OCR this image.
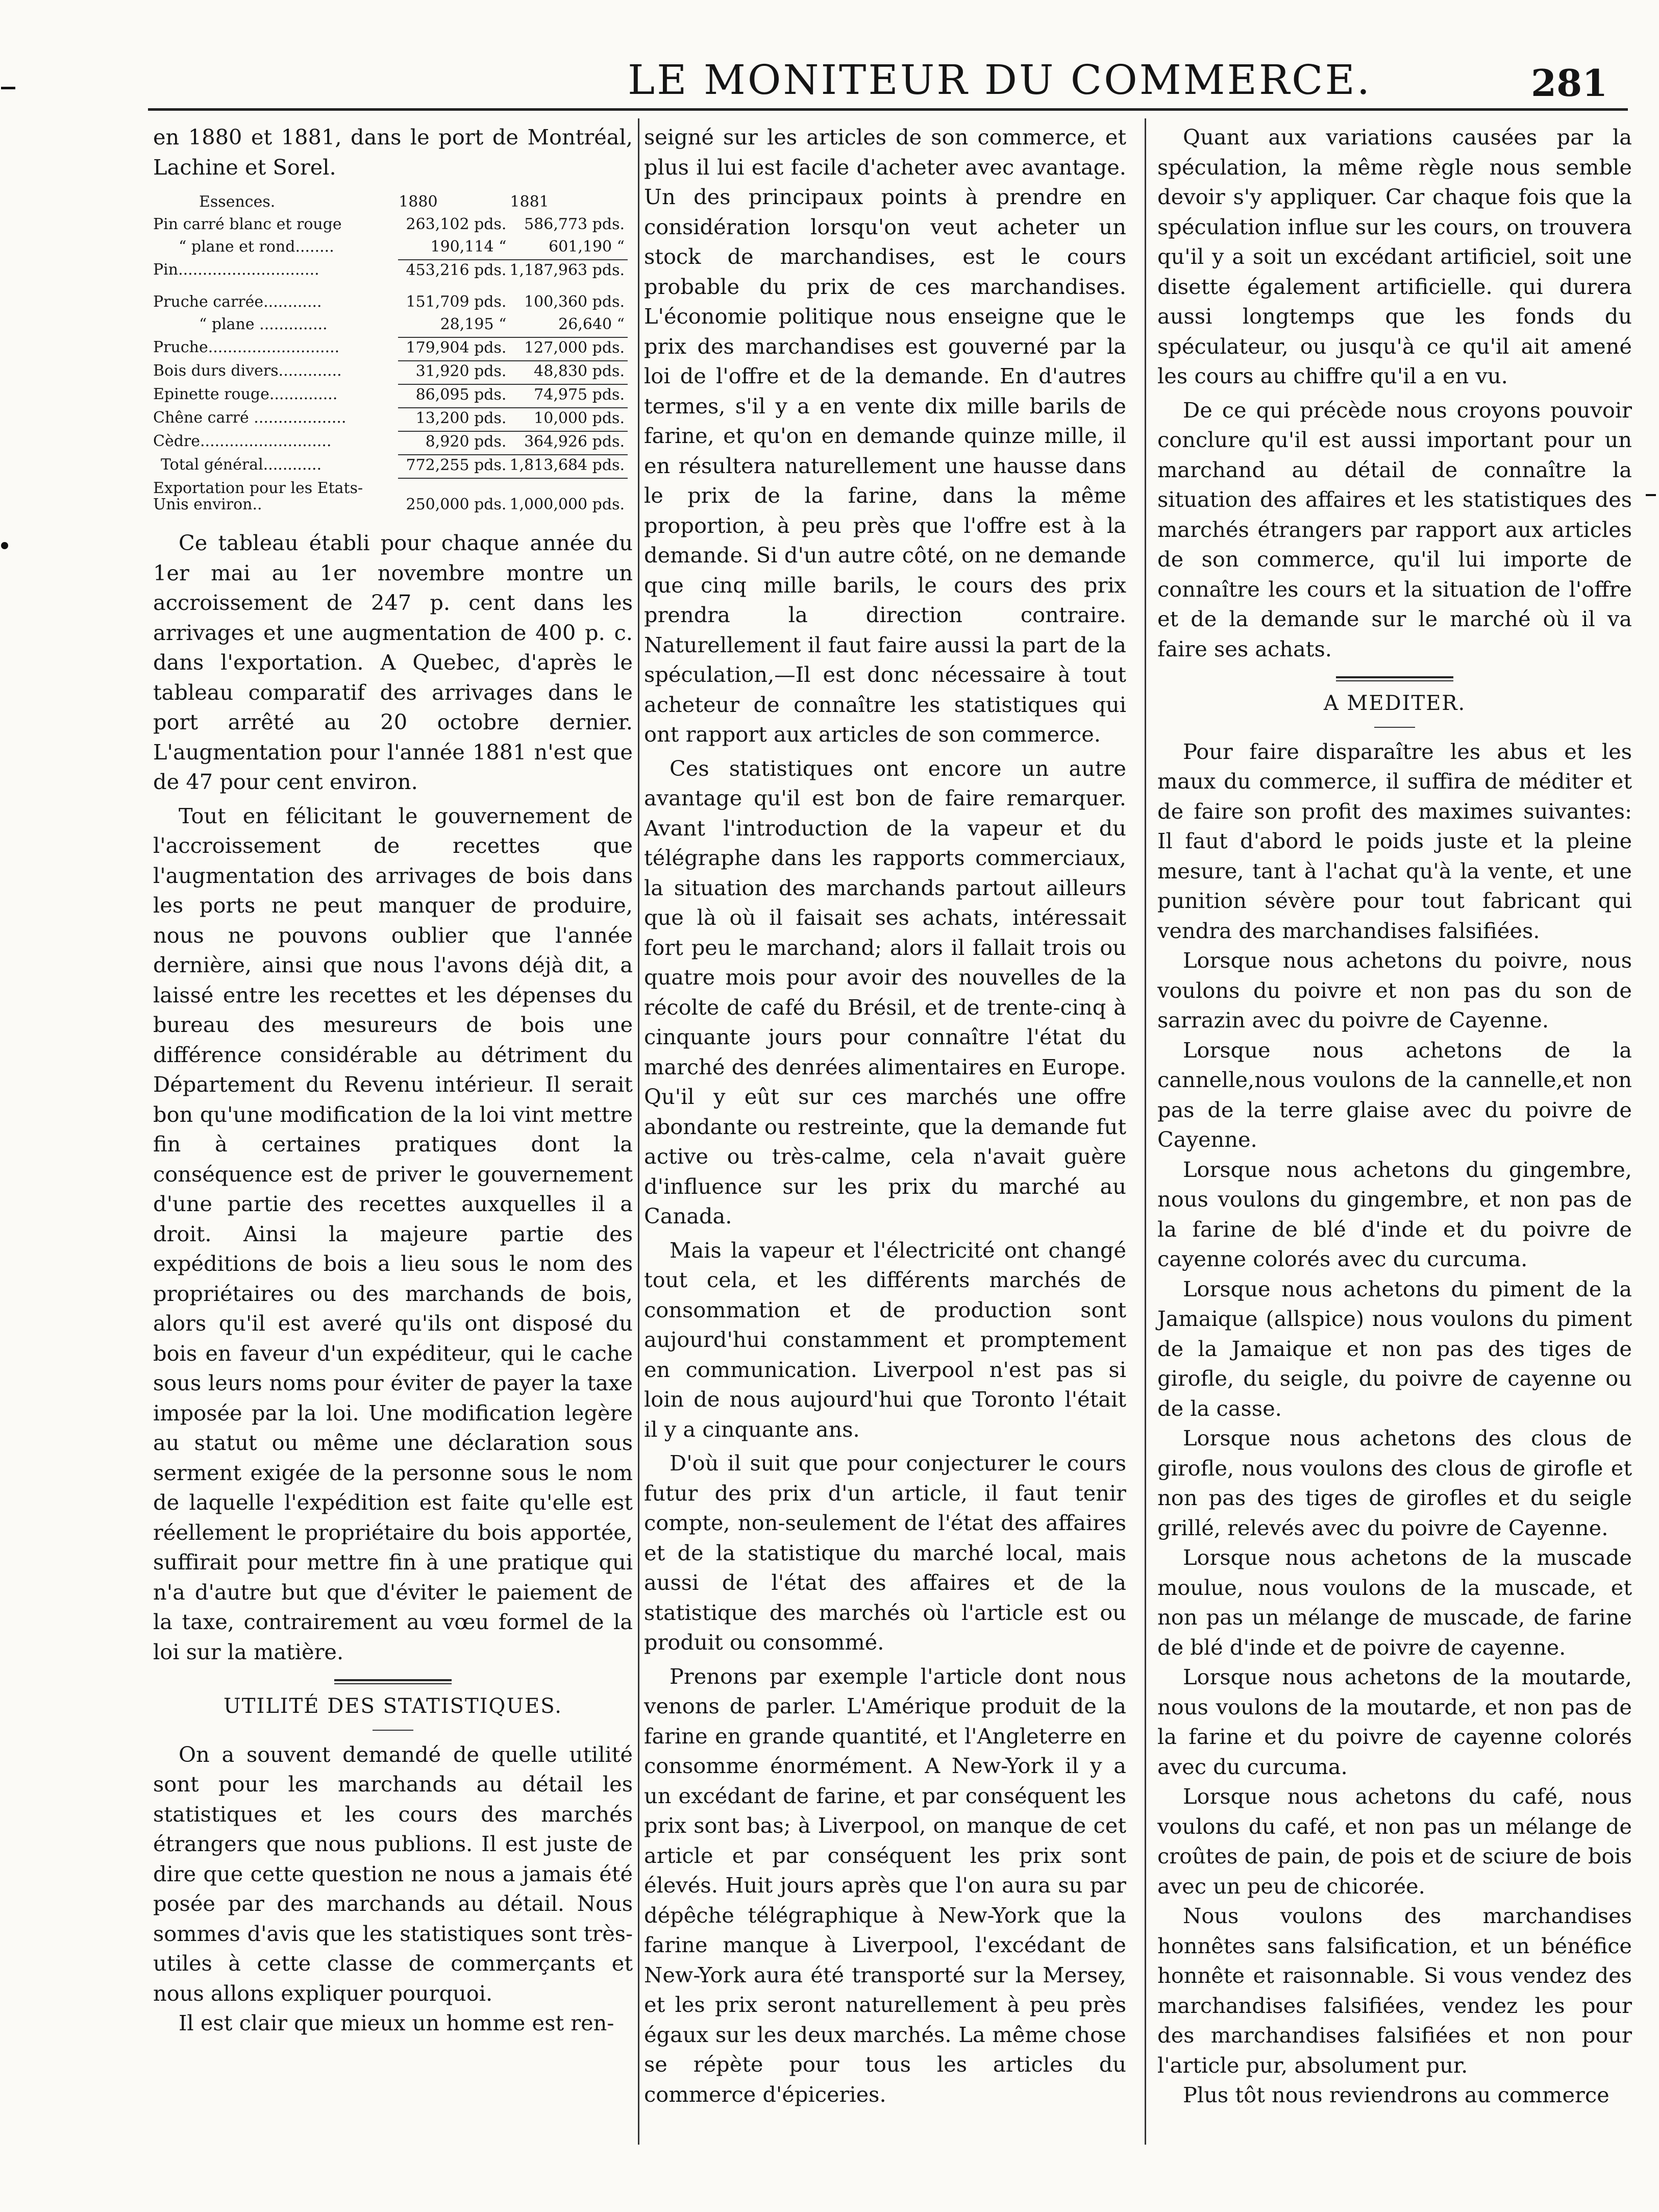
LE MONITEUR DU COMMERCE.	281

en 1880 et 1881, dans le port de Montréal, Lachine et Sorel.

Essences.	1880	1881
Pin carré blanc et rouge	263,102 pds.	586,773 pds.
“ plane et rond........	190,114 “	601,190 “
Pin.............................	453,216 pds.	1,187,963 pds.
Pruche carrée............	151,709 pds.	100,360 pds.
“ plane ..............	28,195 “	26,640 “
Pruche...........................	179,904 pds.	127,000 pds.
Bois durs divers.............	31,920 pds.	48,830 pds.
Epinette rouge..............	86,095 pds.	74,975 pds.
Chêne carré ...................	13,200 pds.	10,000 pds.
Cèdre...........................	8,920 pds.	364,926 pds.
Total général............	772,255 pds.	1,813,684 pds.
Exportation pour les Etats-Unis environ..	250,000 pds.	1,000,000 pds.

Ce tableau établi pour chaque année du 1er mai au 1er novembre montre un accroissement de 247 p. cent dans les arrivages et une augmentation de 400 p. c. dans l'exportation. A Quebec, d'après le tableau comparatif des arrivages dans le port arrêté au 20 octobre dernier. L'augmentation pour l'année 1881 n'est que de 47 pour cent environ.

Tout en félicitant le gouvernement de l'accroissement de recettes que l'augmentation des arrivages de bois dans les ports ne peut manquer de produire, nous ne pouvons oublier que l'année dernière, ainsi que nous l'avons déjà dit, a laissé entre les recettes et les dépenses du bureau des mesureurs de bois une différence considérable au détriment du Département du Revenu intérieur. Il serait bon qu'une modification de la loi vint mettre fin à certaines pratiques dont la conséquence est de priver le gouvernement d'une partie des recettes auxquelles il a droit. Ainsi la majeure partie des expéditions de bois a lieu sous le nom des propriétaires ou des marchands de bois, alors qu'il est averé qu'ils ont disposé du bois en faveur d'un expéditeur, qui le cache sous leurs noms pour éviter de payer la taxe imposée par la loi. Une modification legère au statut ou même une déclaration sous serment exigée de la personne sous le nom de laquelle l'expédition est faite qu'elle est réellement le propriétaire du bois apportée, suffirait pour mettre fin à une pratique qui n'a d'autre but que d'éviter le paiement de la taxe, contrairement au vœu formel de la loi sur la matière.

UTILITÉ DES STATISTIQUES.

On a souvent demandé de quelle utilité sont pour les marchands au détail les statistiques et les cours des marchés étrangers que nous publions. Il est juste de dire que cette question ne nous a jamais été posée par des marchands au détail. Nous sommes d'avis que les statistiques sont très-utiles à cette classe de commerçants et nous allons expliquer pourquoi.

Il est clair que mieux un homme est ren-

seigné sur les articles de son commerce, et plus il lui est facile d'acheter avec avantage. Un des principaux points à prendre en considération lorsqu'on veut acheter un stock de marchandises, est le cours probable du prix de ces marchandises. L'économie politique nous enseigne que le prix des marchandises est gouverné par la loi de l'offre et de la demande. En d'autres termes, s'il y a en vente dix mille barils de farine, et qu'on en demande quinze mille, il en résultera naturellement une hausse dans le prix de la farine, dans la même proportion, à peu près que l'offre est à la demande. Si d'un autre côté, on ne demande que cinq mille barils, le cours des prix prendra la direction contraire. Naturellement il faut faire aussi la part de la spéculation,—Il est donc nécessaire à tout acheteur de connaître les statistiques qui ont rapport aux articles de son commerce.

Ces statistiques ont encore un autre avantage qu'il est bon de faire remarquer. Avant l'introduction de la vapeur et du télégraphe dans les rapports commerciaux, la situation des marchands partout ailleurs que là où il faisait ses achats, intéressait fort peu le marchand; alors il fallait trois ou quatre mois pour avoir des nouvelles de la récolte de café du Brésil, et de trente-cinq à cinquante jours pour connaître l'état du marché des denrées alimentaires en Europe. Qu'il y eût sur ces marchés une offre abondante ou restreinte, que la demande fut active ou très-calme, cela n'avait guère d'influence sur les prix du marché au Canada.

Mais la vapeur et l'électricité ont changé tout cela, et les différents marchés de consommation et de production sont aujourd'hui constamment et promptement en communication. Liverpool n'est pas si loin de nous aujourd'hui que Toronto l'était il y a cinquante ans.

D'où il suit que pour conjecturer le cours futur des prix d'un article, il faut tenir compte, non-seulement de l'état des affaires et de la statistique du marché local, mais aussi de l'état des affaires et de la statistique des marchés où l'article est ou produit ou consommé.

Prenons par exemple l'article dont nous venons de parler. L'Amérique produit de la farine en grande quantité, et l'Angleterre en consomme énormément. A New-York il y a un excédant de farine, et par conséquent les prix sont bas; à Liverpool, on manque de cet article et par conséquent les prix sont élevés. Huit jours après que l'on aura su par dépêche télégraphique à New-York que la farine manque à Liverpool, l'excédant de New-York aura été transporté sur la Mersey, et les prix seront naturellement à peu près égaux sur les deux marchés. La même chose se répète pour tous les articles du commerce d'épiceries.

Quant aux variations causées par la spéculation, la même règle nous semble devoir s'y appliquer. Car chaque fois que la spéculation influe sur les cours, on trouvera qu'il y a soit un excédant artificiel, soit une disette également artificielle. qui durera aussi longtemps que les fonds du spéculateur, ou jusqu'à ce qu'il ait amené les cours au chiffre qu'il a en vu.

De ce qui précède nous croyons pouvoir conclure qu'il est aussi important pour un marchand au détail de connaître la situation des affaires et les statistiques des marchés étrangers par rapport aux articles de son commerce, qu'il lui importe de connaître les cours et la situation de l'offre et de la demande sur le marché où il va faire ses achats.

A MEDITER.

Pour faire disparaître les abus et les maux du commerce, il suffira de méditer et de faire son profit des maximes suivantes: Il faut d'abord le poids juste et la pleine mesure, tant à l'achat qu'à la vente, et une punition sévère pour tout fabricant qui vendra des marchandises falsifiées.

Lorsque nous achetons du poivre, nous voulons du poivre et non pas du son de sarrazin avec du poivre de Cayenne.

Lorsque nous achetons de la cannelle,nous voulons de la cannelle,et non pas de la terre glaise avec du poivre de Cayenne.

Lorsque nous achetons du gingembre, nous voulons du gingembre, et non pas de la farine de blé d'inde et du poivre de cayenne colorés avec du curcuma.

Lorsque nous achetons du piment de la Jamaique (allspice) nous voulons du piment de la Jamaique et non pas des tiges de girofle, du seigle, du poivre de cayenne ou de la casse.

Lorsque nous achetons des clous de girofle, nous voulons des clous de girofle et non pas des tiges de girofles et du seigle grillé, relevés avec du poivre de Cayenne.

Lorsque nous achetons de la muscade moulue, nous voulons de la muscade, et non pas un mélange de muscade, de farine de blé d'inde et de poivre de cayenne.

Lorsque nous achetons de la moutarde, nous voulons de la moutarde, et non pas de la farine et du poivre de cayenne colorés avec du curcuma.

Lorsque nous achetons du café, nous voulons du café, et non pas un mélange de croûtes de pain, de pois et de sciure de bois avec un peu de chicorée.

Nous voulons des marchandises honnêtes sans falsification, et un bénéfice honnête et raisonnable. Si vous vendez des marchandises falsifiées, vendez les pour des marchandises falsifiées et non pour l'article pur, absolument pur.

Plus tôt nous reviendrons au commerce
